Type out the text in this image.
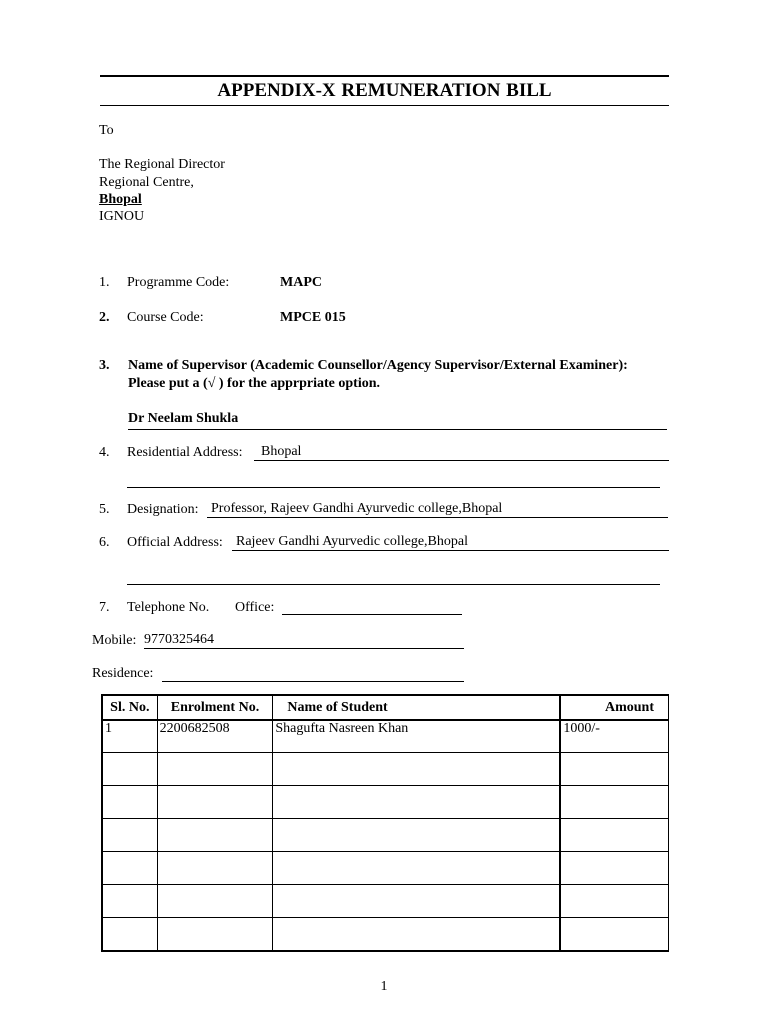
APPENDIX-X REMUNERATION BILL
To
The Regional Director
Regional Centre,
Bhopal
IGNOU
1. Programme Code:	MAPC
2. Course Code:	MPCE 015
3. Name of Supervisor (Academic Counsellor/Agency Supervisor/External Examiner):
Please put a (√ ) for the apprpriate option.
Dr Neelam Shukla
4. Residential Address:	Bhopal
5. Designation: Professor, Rajeev Gandhi Ayurvedic college,Bhopal
6. Official Address: Rajeev Gandhi Ayurvedic college,Bhopal
7. Telephone No. Office:
Mobile: 9770325464
Residence:
Sl. No.	Enrolment No.	Name of Student	Amount
1	2200682508	Shagufta Nasreen Khan	1000/-

1
